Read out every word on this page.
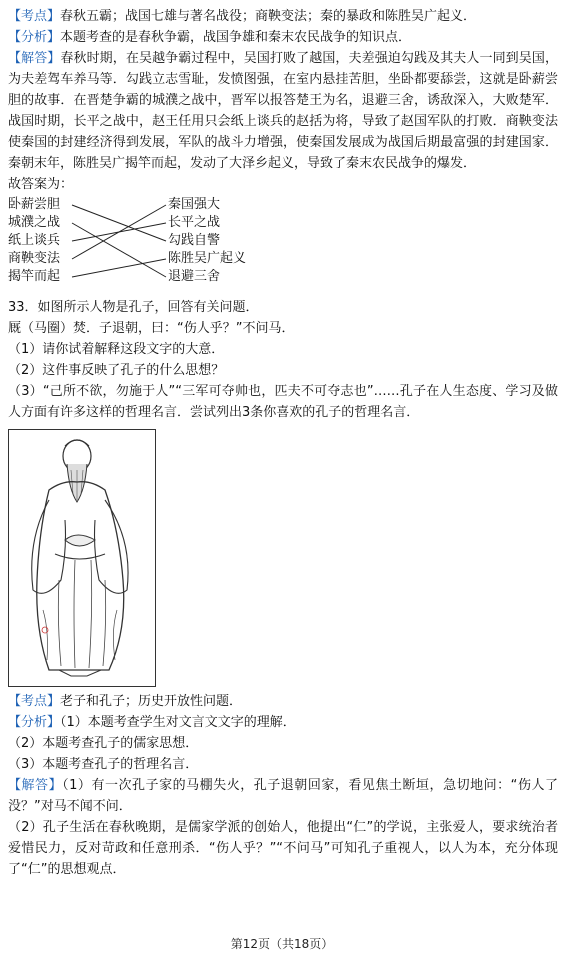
【考点】春秋五霸；战国七雄与著名战役；商鞅变法；秦的暴政和陈胜吴广起义．

【分析】本题考查的是春秋争霸，战国争雄和秦末农民战争的知识点．

【解答】春秋时期，在吴越争霸过程中，吴国打败了越国，夫差强迫勾践及其夫人一同到吴国，为夫差驾车养马等．勾践立志雪耻，发愤图强，在室内悬挂苦胆，坐卧都要舔尝，这就是卧薪尝胆的故事．在晋楚争霸的城濮之战中，晋军以报答楚王为名，退避三舍，诱敌深入，大败楚军．战国时期，长平之战中，赵王任用只会纸上谈兵的赵括为将，导致了赵国军队的打败．商鞅变法使秦国的封建经济得到发展，军队的战斗力增强，使秦国发展成为战国后期最富强的封建国家．秦朝末年，陈胜吴广揭竿而起，发动了大泽乡起义，导致了秦末农民战争的爆发．

故答案为：

卧薪尝胆
城濮之战
纸上谈兵
商鞅变法
揭竿而起
秦国强大
长平之战
勾践自警
陈胜吴广起义
退避三舍

33．如图所示人物是孔子，回答有关问题．

厩（马圈）焚．子退朝，曰：“伤人乎？”不问马．

（1）请你试着解释这段文字的大意．

（2）这件事反映了孔子的什么思想？

（3）“己所不欲，勿施于人”“三军可夺帅也，匹夫不可夺志也”……孔子在人生态度、学习及做人方面有许多这样的哲理名言．尝试列出3条你喜欢的孔子的哲理名言．

【考点】老子和孔子；历史开放性问题．

【分析】（1）本题考查学生对文言文文字的理解．

（2）本题考查孔子的儒家思想．

（3）本题考查孔子的哲理名言．

【解答】（1）有一次孔子家的马棚失火，孔子退朝回家，看见焦土断垣，急切地问：“伤人了没？”对马不闻不问．

（2）孔子生活在春秋晚期，是儒家学派的创始人，他提出“仁”的学说，主张爱人，要求统治者爱惜民力，反对苛政和任意刑杀．“伤人乎？”“不问马”可知孔子重视人，以人为本，充分体现了“仁”的思想观点．

第12页（共18页）
